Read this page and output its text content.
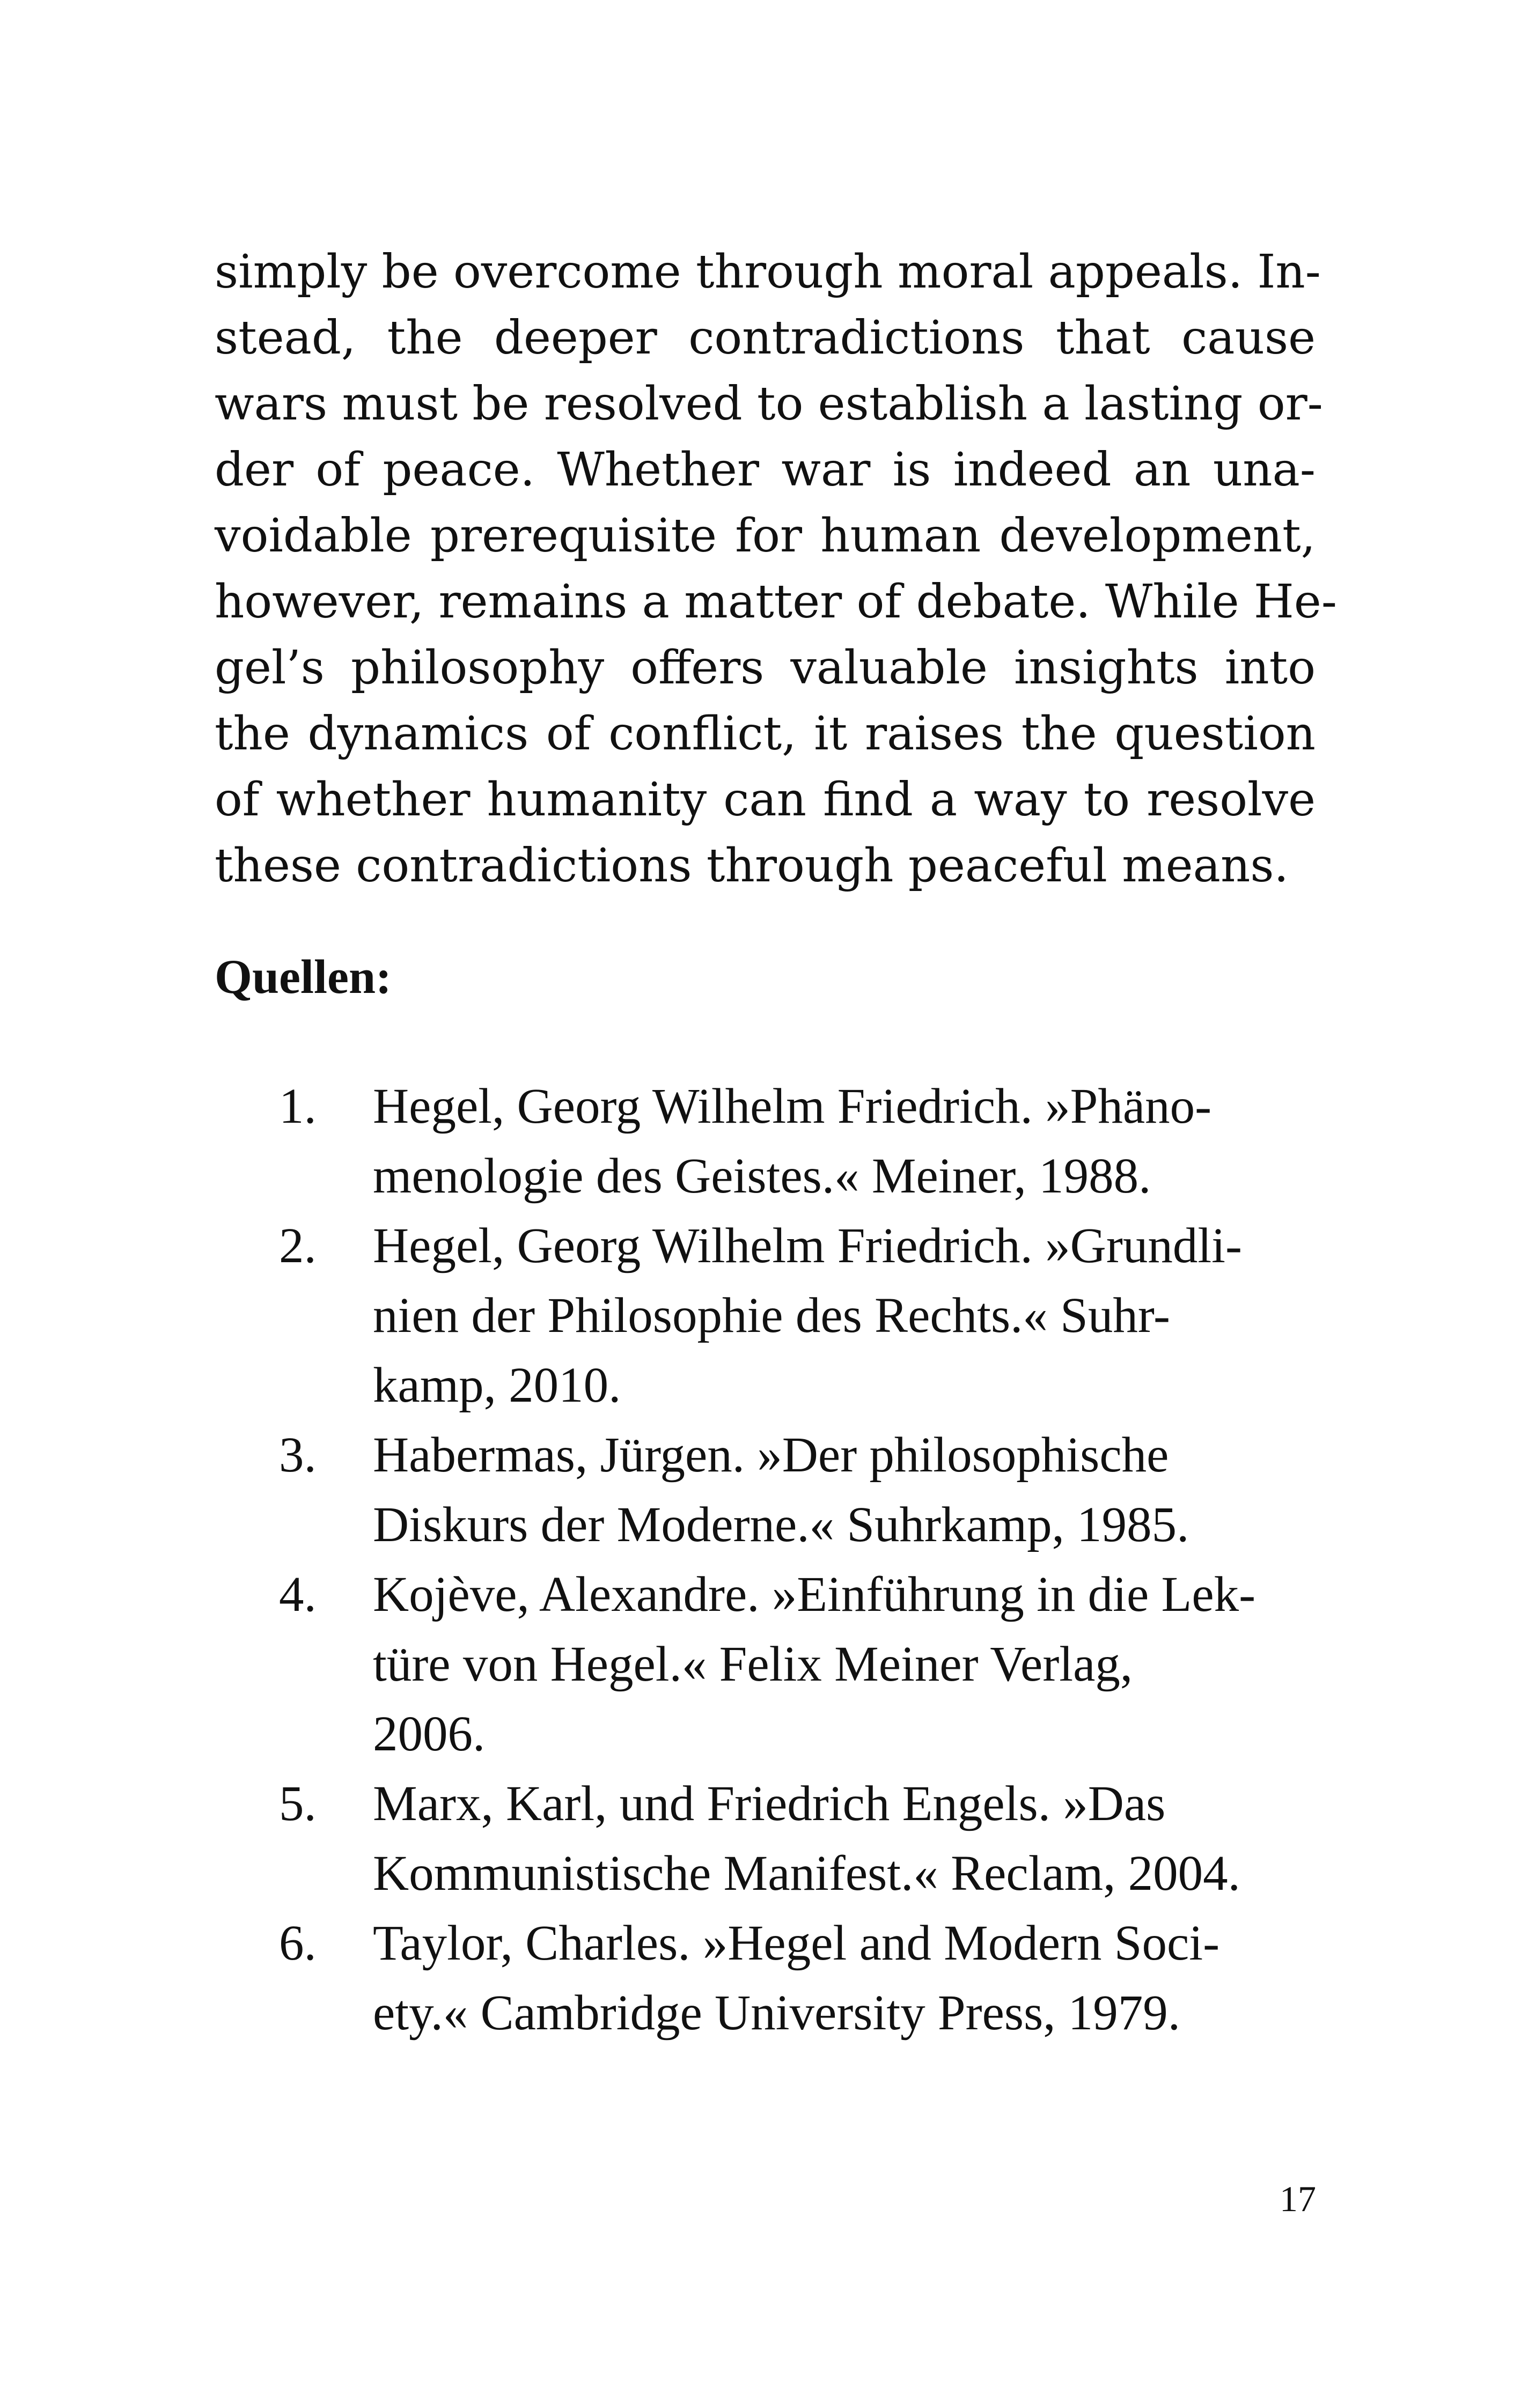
simply be overcome through moral appeals. In-
stead, the deeper contradictions that cause
wars must be resolved to establish a lasting or-
der of peace. Whether war is indeed an una-
voidable prerequisite for human development,
however, remains a matter of debate. While He-
gel’s philosophy offers valuable insights into
the dynamics of conflict, it raises the question
of whether humanity can find a way to resolve
these contradictions through peaceful means.
Quellen:
1.	Hegel, Georg Wilhelm Friedrich. »Phäno-
menologie des Geistes.« Meiner, 1988.
2.	Hegel, Georg Wilhelm Friedrich. »Grundli-
nien der Philosophie des Rechts.« Suhr-
kamp, 2010.
3.	Habermas, Jürgen. »Der philosophische
Diskurs der Moderne.« Suhrkamp, 1985.
4.	Kojève, Alexandre. »Einführung in die Lek-
türe von Hegel.« Felix Meiner Verlag,
2006.
5.	Marx, Karl, und Friedrich Engels. »Das
Kommunistische Manifest.« Reclam, 2004.
6.	Taylor, Charles. »Hegel and Modern Soci-
ety.« Cambridge University Press, 1979.
17
